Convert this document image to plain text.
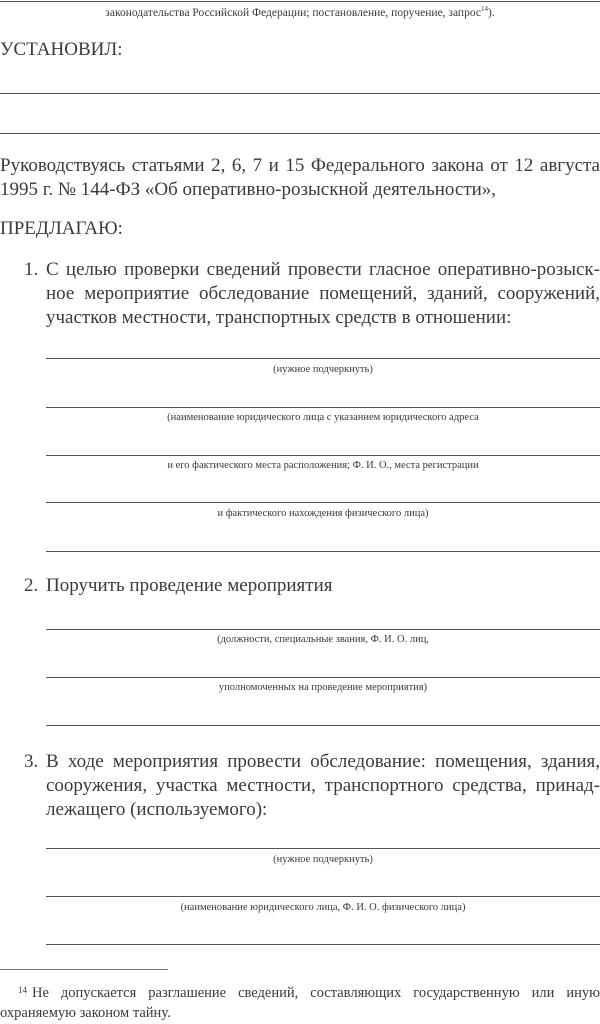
законодательства Российской Федерации; постановление, поручение, запрос$^{14}$).
УСТАНОВИЛ:
Руководствуясь статьями 2, 6, 7 и 15 Федерального закона от 12 августа
1995 г. № 144-ФЗ «Об оперативно-розыскной деятельности»,
ПРЕДЛАГАЮ:
1. С целью проверки сведений провести гласное оперативно-розыск-
ное мероприятие обследование помещений, зданий, сооружений,
участков местности, транспортных средств в отношении:
(нужное подчеркнуть)
(наименование юридического лица с указанием юридического адреса
и его фактического места расположения; Ф. И. О., места регистрации
и фактического нахождения физического лица)
2. Поручить проведение мероприятия
(должности, специальные звания, Ф. И. О. лиц,
уполномоченных на проведение мероприятия)
3. В ходе мероприятия провести обследование: помещения, здания,
сооружения, участка местности, транспортного средства, принад-
лежащего (используемого):
(нужное подчеркнуть)
(наименование юридического лица, Ф. И. О. физического лица)
14 Не допускается разглашение сведений, составляющих государственную или иную
охраняемую законом тайну.
